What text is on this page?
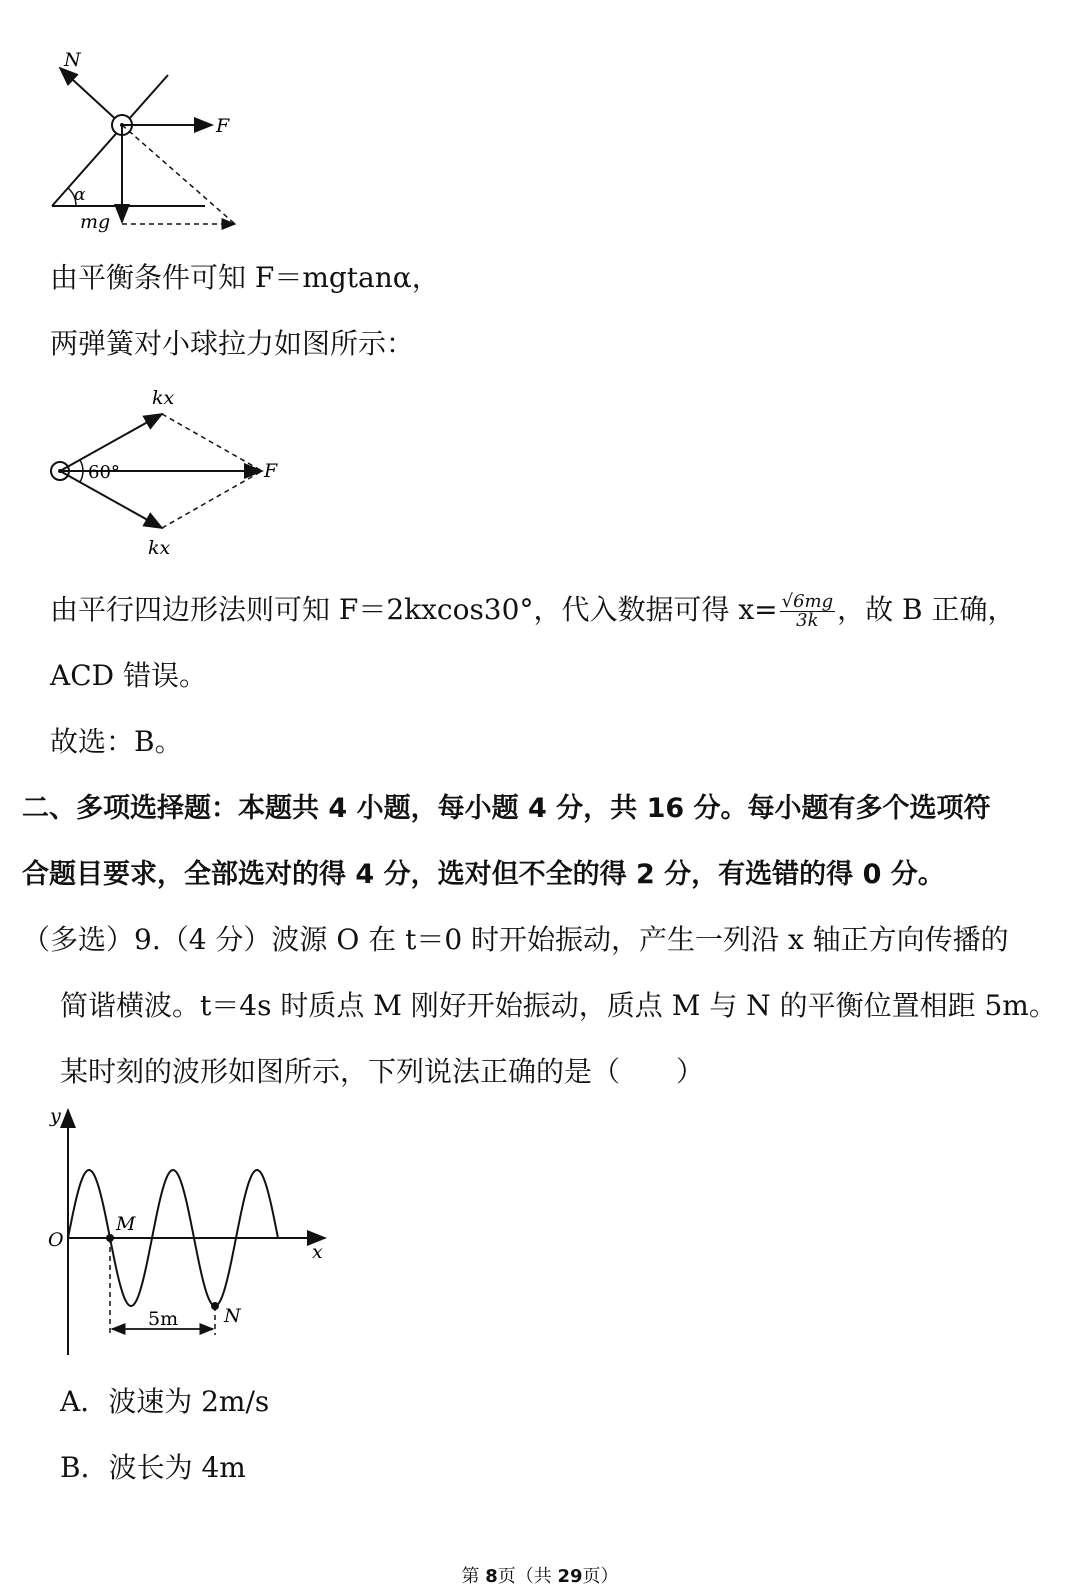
N
F
α
mg
由平衡条件可知 F＝mgtanα，
两弹簧对小球拉力如图所示：
kx
kx
60°	F
由平行四边形法则可知 F＝2kxcos30°，代入数据可得 $x= \frac{√6mg}{3k}$ ，故 B 正确，
ACD 错误。
故选：B。
二、多项选择题：本题共 4 小题，每小题 4 分，共 16 分。每小题有多个选项符
合题目要求，全部选对的得 4 分，选对但不全的得 2 分，有选错的得 0 分。
（多选）9.（4 分）波源 O 在 t＝0 时开始振动，产生一列沿 x 轴正方向传播的
简谐横波。t＝4s 时质点 M 刚好开始振动，质点 M 与 N 的平衡位置相距 5m。
某时刻的波形如图所示，下列说法正确的是（　　）
y
x
O
M
N
5m
A．波速为 2m/s
B．波长为 4m
第 8页（共 29页）
